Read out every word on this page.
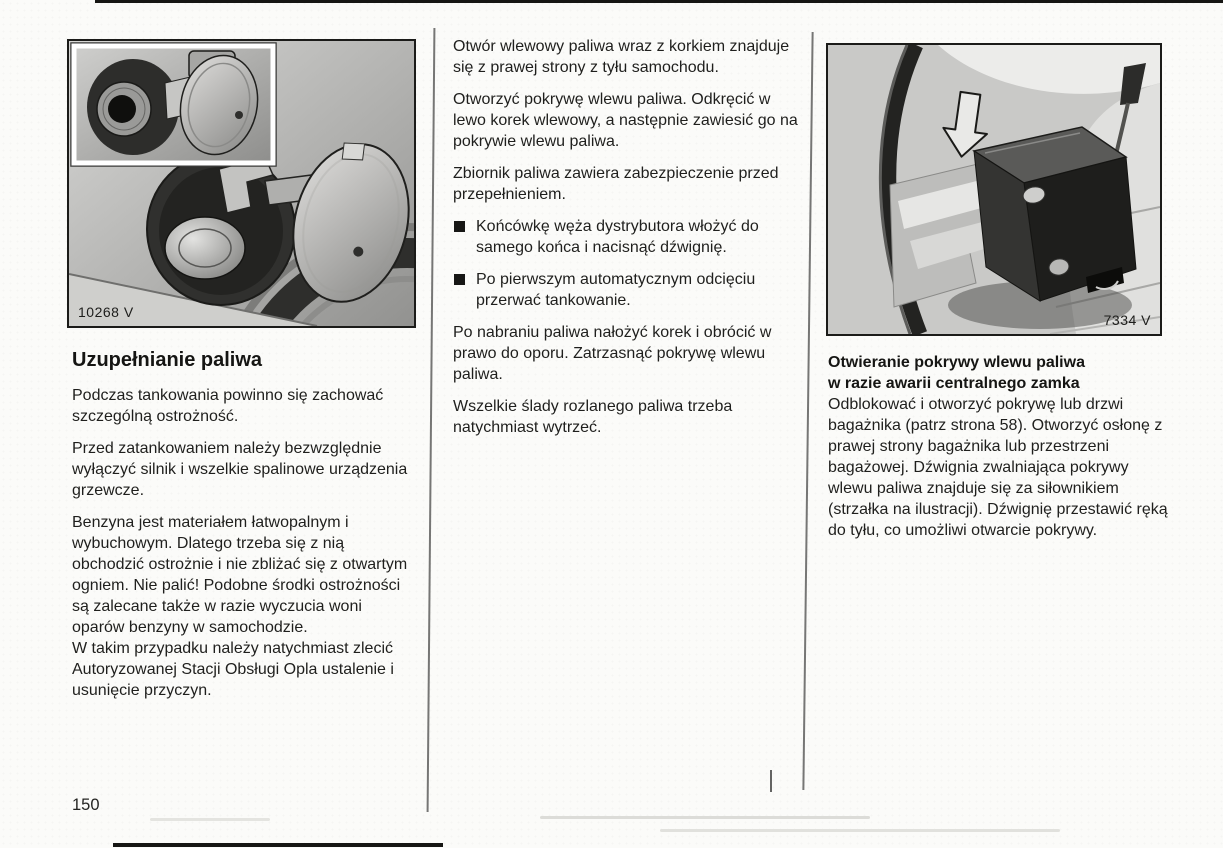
10268 V	7334 V
Uzupełnianie paliwa

Podczas tankowania powinno się zachować szczególną ostrożność.

Przed zatankowaniem należy bezwzględnie wyłączyć silnik i wszelkie spalinowe urządzenia grzewcze.

Benzyna jest materiałem łatwopalnym i wybuchowym. Dlatego trzeba się z nią obchodzić ostrożnie i nie zbliżać się z otwartym ogniem. Nie palić! Podobne środki ostrożności są zalecane także w razie wyczucia woni oparów benzyny w samochodzie.

W takim przypadku należy natychmiast zlecić Autoryzowanej Stacji Obsługi Opla ustalenie i usunięcie przyczyn.

Otwór wlewowy paliwa wraz z korkiem znajduje się z prawej strony z tyłu samochodu.

Otworzyć pokrywę wlewu paliwa. Odkręcić w lewo korek wlewowy, a następnie zawiesić go na pokrywie wlewu paliwa.

Zbiornik paliwa zawiera zabezpieczenie przed przepełnieniem.

Końcówkę węża dystrybutora włożyć do samego końca i nacisnąć dźwignię.
Po pierwszym automatycznym odcięciu przerwać tankowanie.

Po nabraniu paliwa nałożyć korek i obrócić w prawo do oporu. Zatrzasnąć pokrywę wlewu paliwa.

Wszelkie ślady rozlanego paliwa trzeba natychmiast wytrzeć.

Otwieranie pokrywy wlewu paliwa
w razie awarii centralnego zamka

Odblokować i otworzyć pokrywę lub drzwi bagażnika (patrz strona 58). Otworzyć osłonę z prawej strony bagażnika lub przestrzeni bagażowej. Dźwignia zwalniająca pokrywy wlewu paliwa znajduje się za siłownikiem (strzałka na ilustracji). Dźwignię przestawić ręką do tyłu, co umożliwi otwarcie pokrywy.

150
